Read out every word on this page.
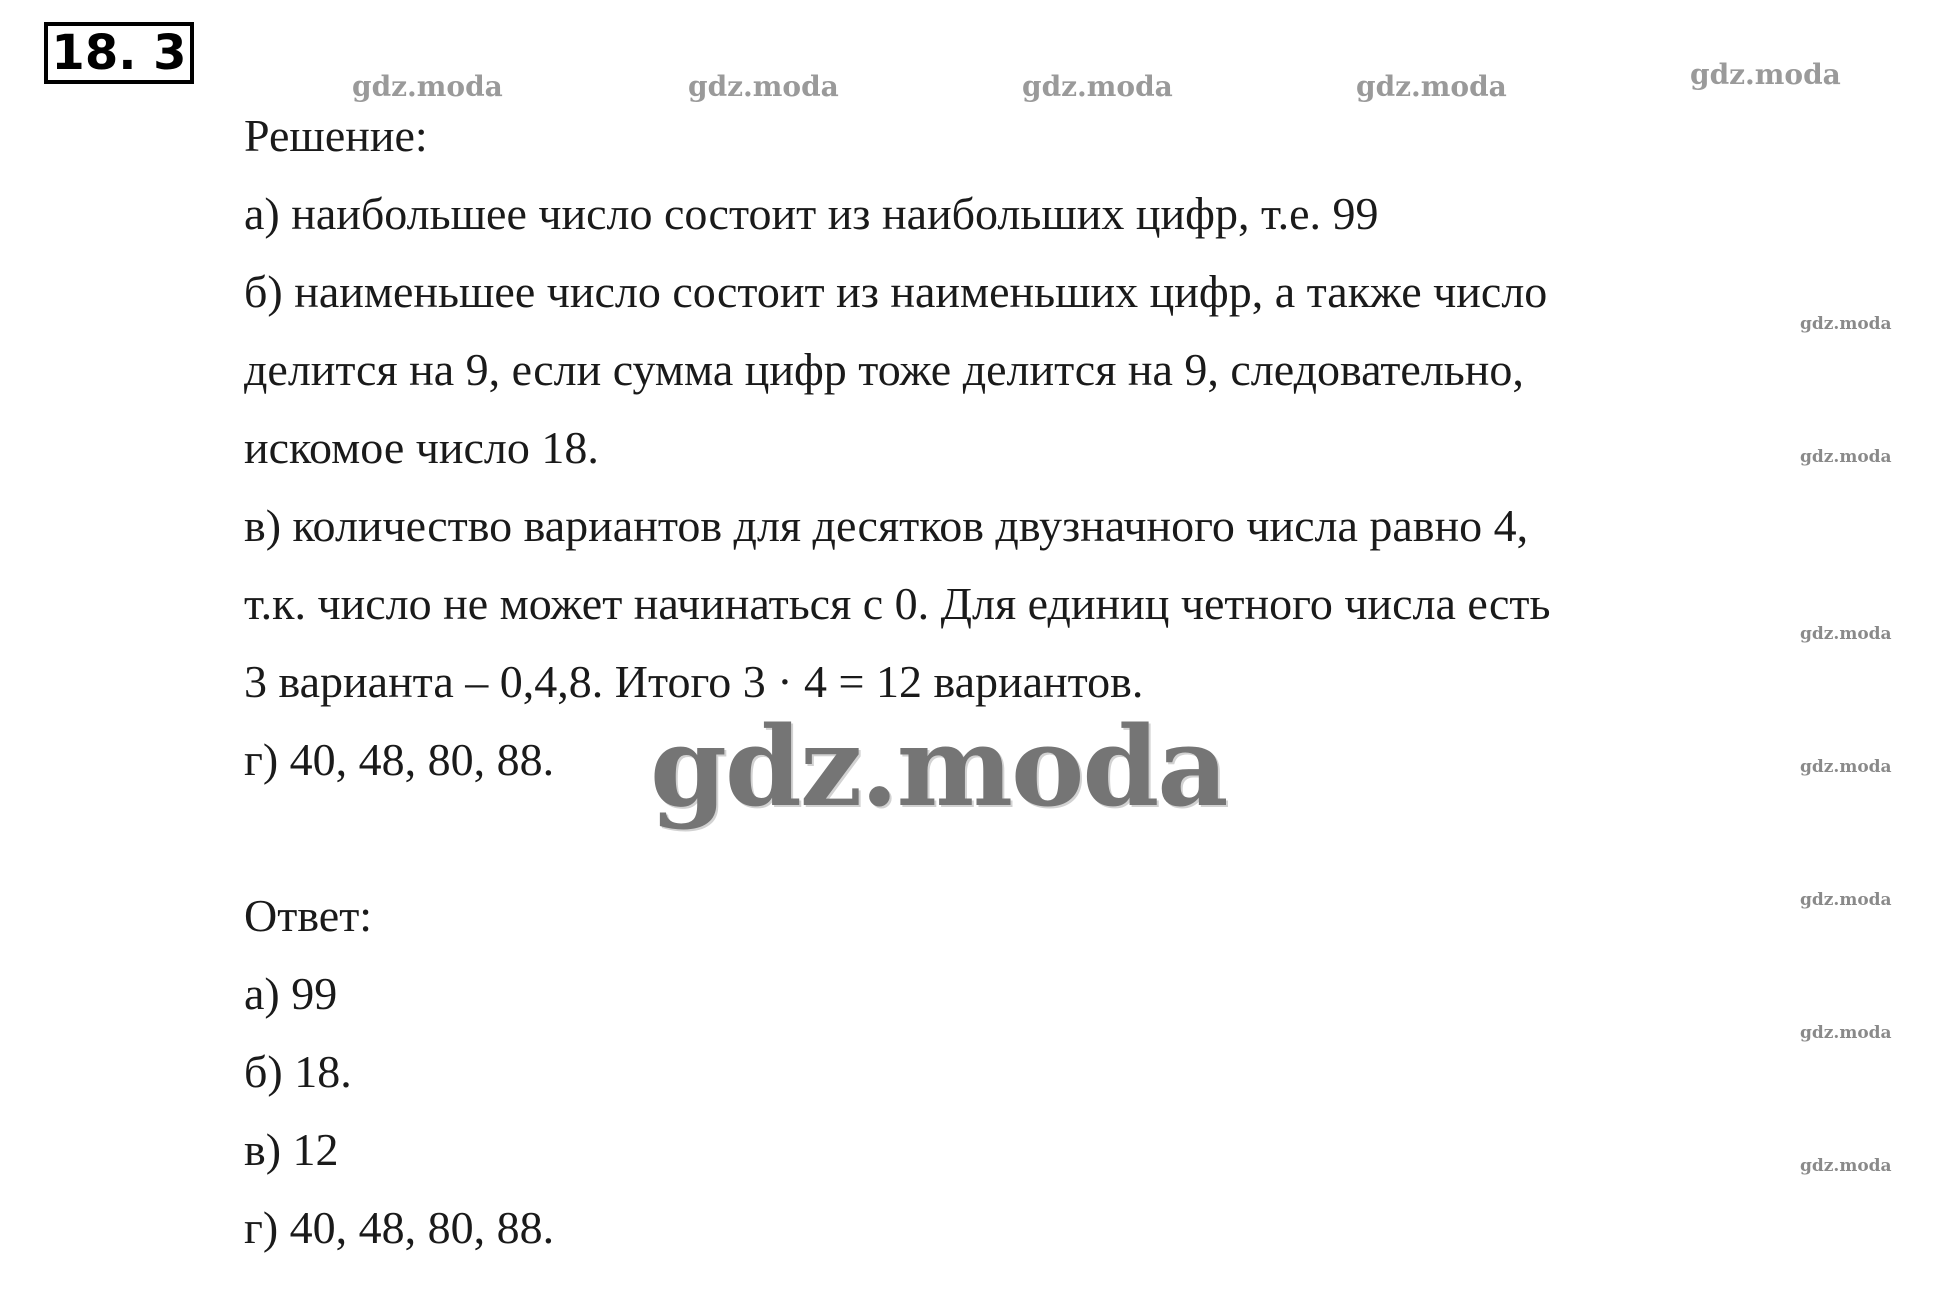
18. 3
gdz.moda	gdz.moda	gdz.moda	gdz.moda	gdz.moda
gdz.moda
gdz.moda
gdz.moda
gdz.moda
gdz.moda
gdz.moda
gdz.moda
Решение:
а) наибольшее число состоит из наибольших цифр, т.е. 99
б) наименьшее число состоит из наименьших цифр, а также число
делится на 9, если сумма цифр тоже делится на 9, следовательно,
искомое число 18.
в) количество вариантов для десятков двузначного числа равно 4,
т.к. число не может начинаться с 0. Для единиц четного числа есть
3 варианта – 0,4,8. Итого 3 · 4 = 12 вариантов.
г) 40, 48, 80, 88. gdz.moda
Ответ:
а) 99
б) 18.
в) 12
г) 40, 48, 80, 88.
